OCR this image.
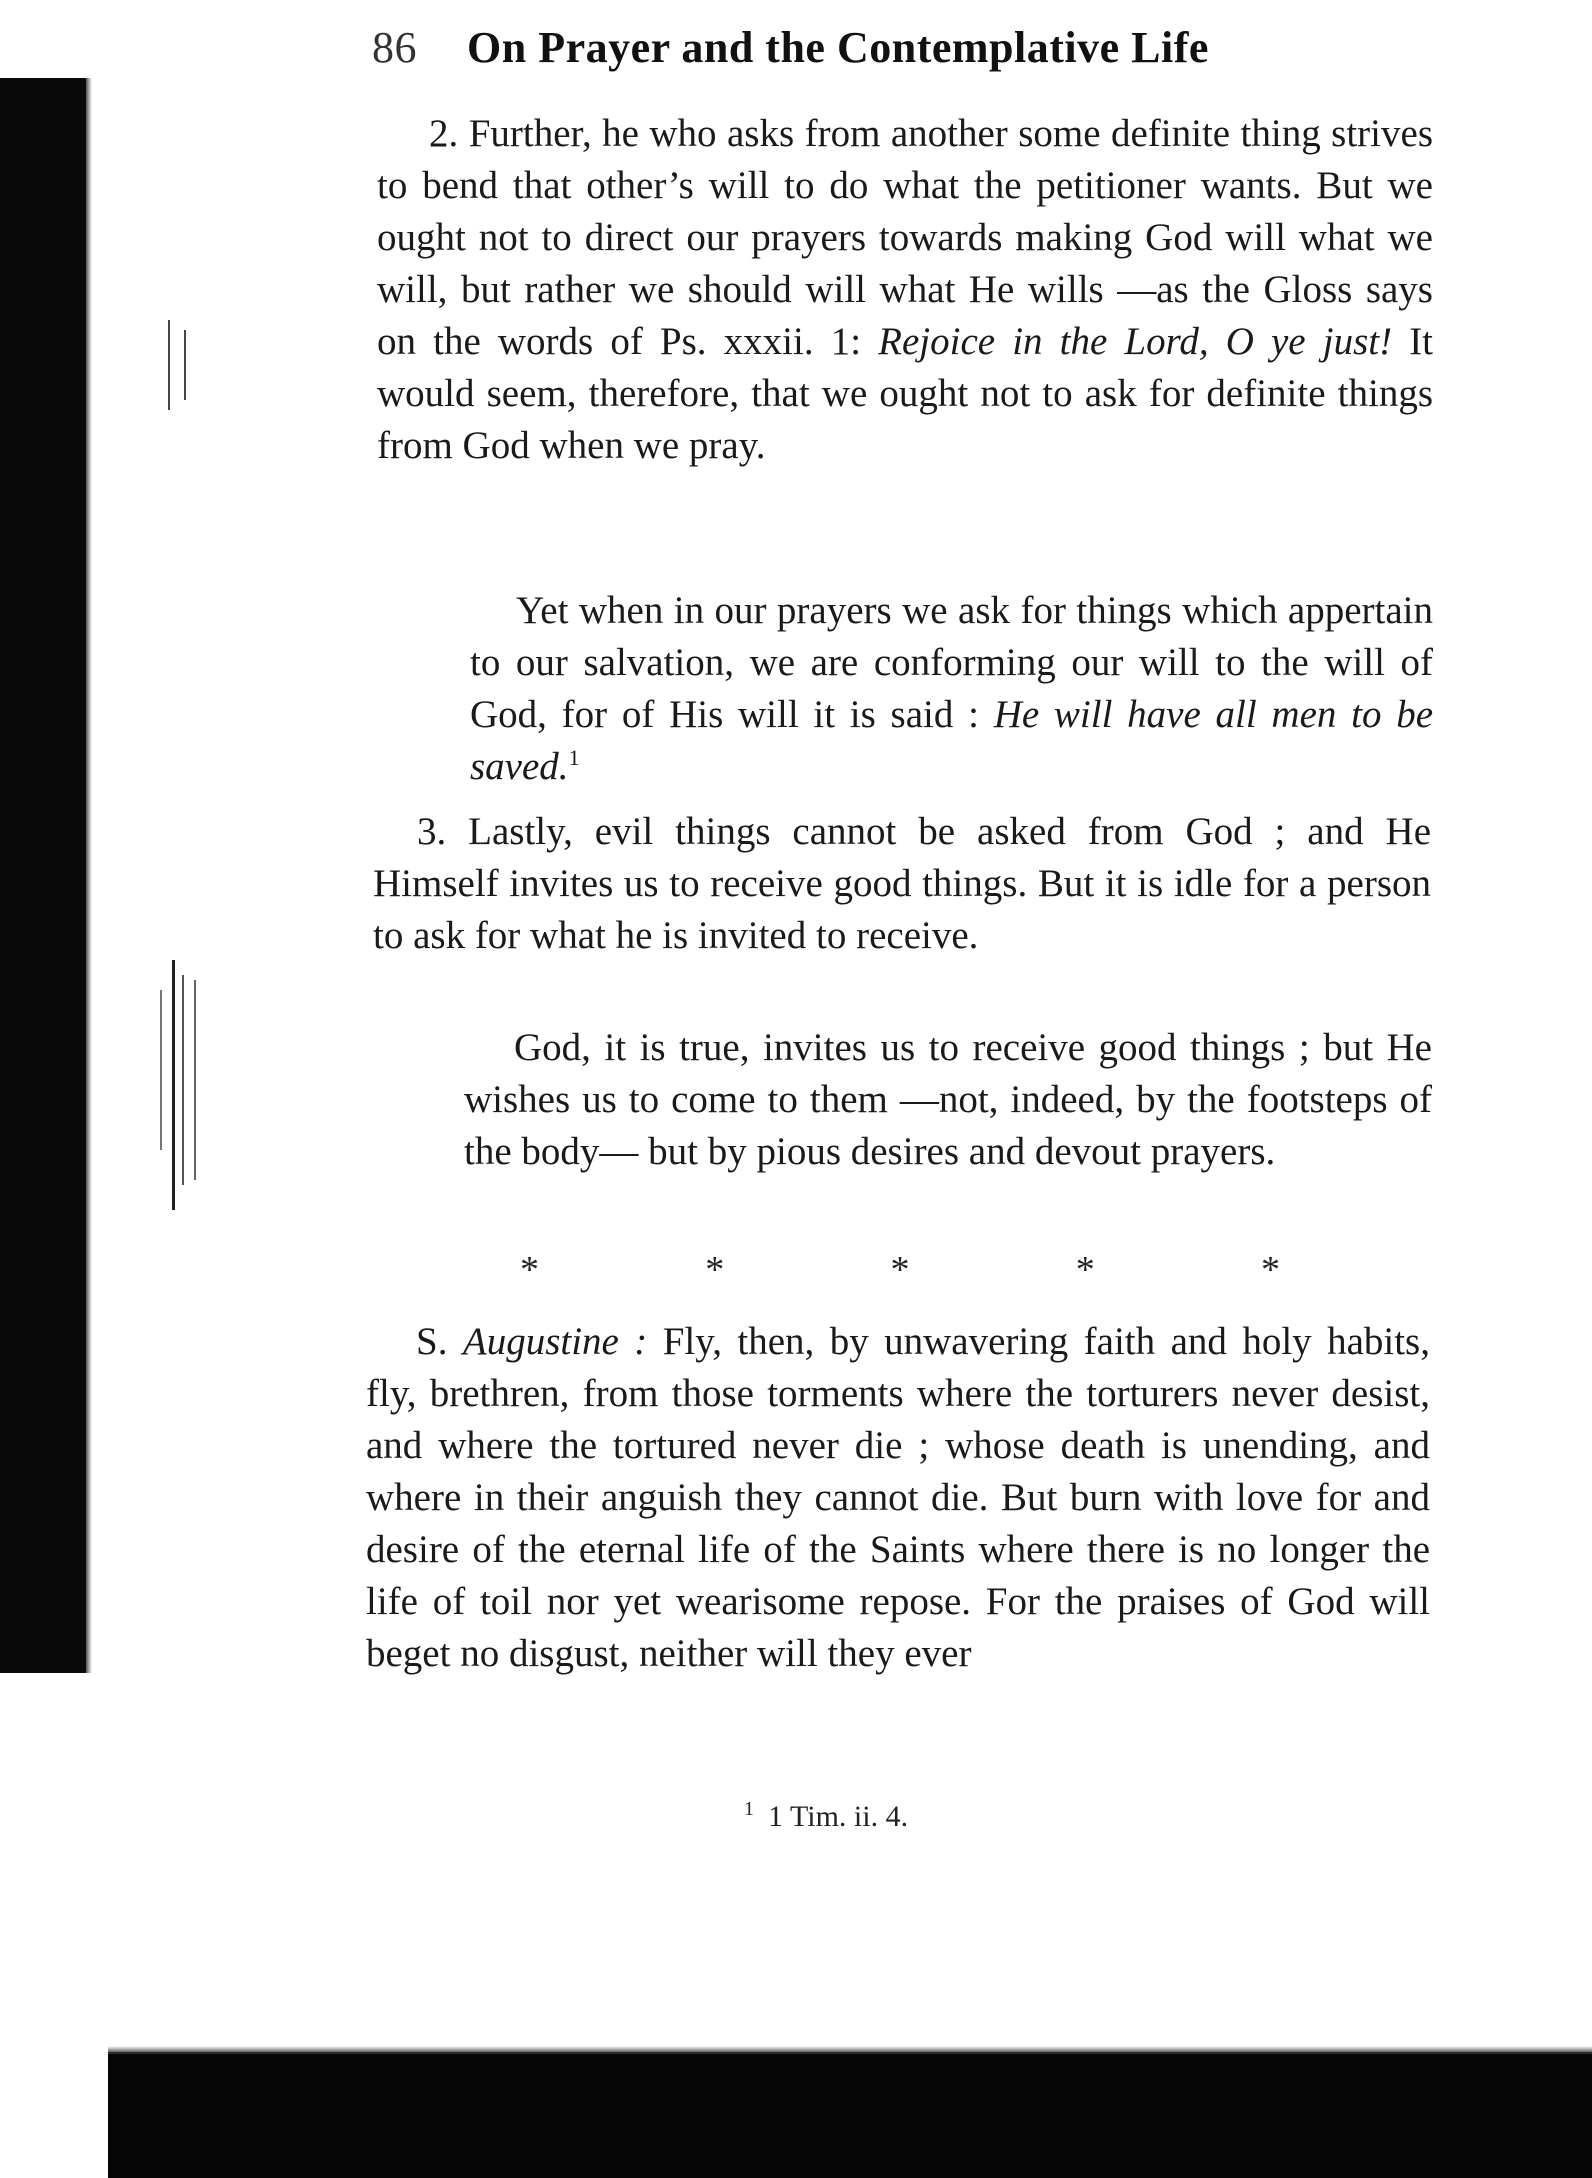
86 On Prayer and the Contemplative Life
2. Further, he who asks from another some definite thing strives to bend that other’s will to do what the petitioner wants. But we ought not to direct our prayers towards making God will what we will, but rather we should will what He wills —as the Gloss says on the words of Ps. xxxii. 1: Rejoice in the Lord, O ye just! It would seem, therefore, that we ought not to ask for definite things from God when we pray.
Yet when in our prayers we ask for things which appertain to our salvation, we are conforming our will to the will of God, for of His will it is said : He will have all men to be saved.$^1$
3. Lastly, evil things cannot be asked from God ; and He Himself invites us to receive good things. But it is idle for a person to ask for what he is invited to receive.
God, it is true, invites us to receive good things ; but He wishes us to come to them —not, indeed, by the footsteps of the body— but by pious desires and devout prayers.
*	*	*	*	*
S. Augustine : Fly, then, by unwavering faith and holy habits, fly, brethren, from those torments where the torturers never desist, and where the tortured never die ; whose death is unending, and where in their anguish they cannot die. But burn with love for and desire of the eternal life of the Saints where there is no longer the life of toil nor yet wearisome repose. For the praises of God will beget no disgust, neither will they ever
$^1$ 1 Tim. ii. 4.
